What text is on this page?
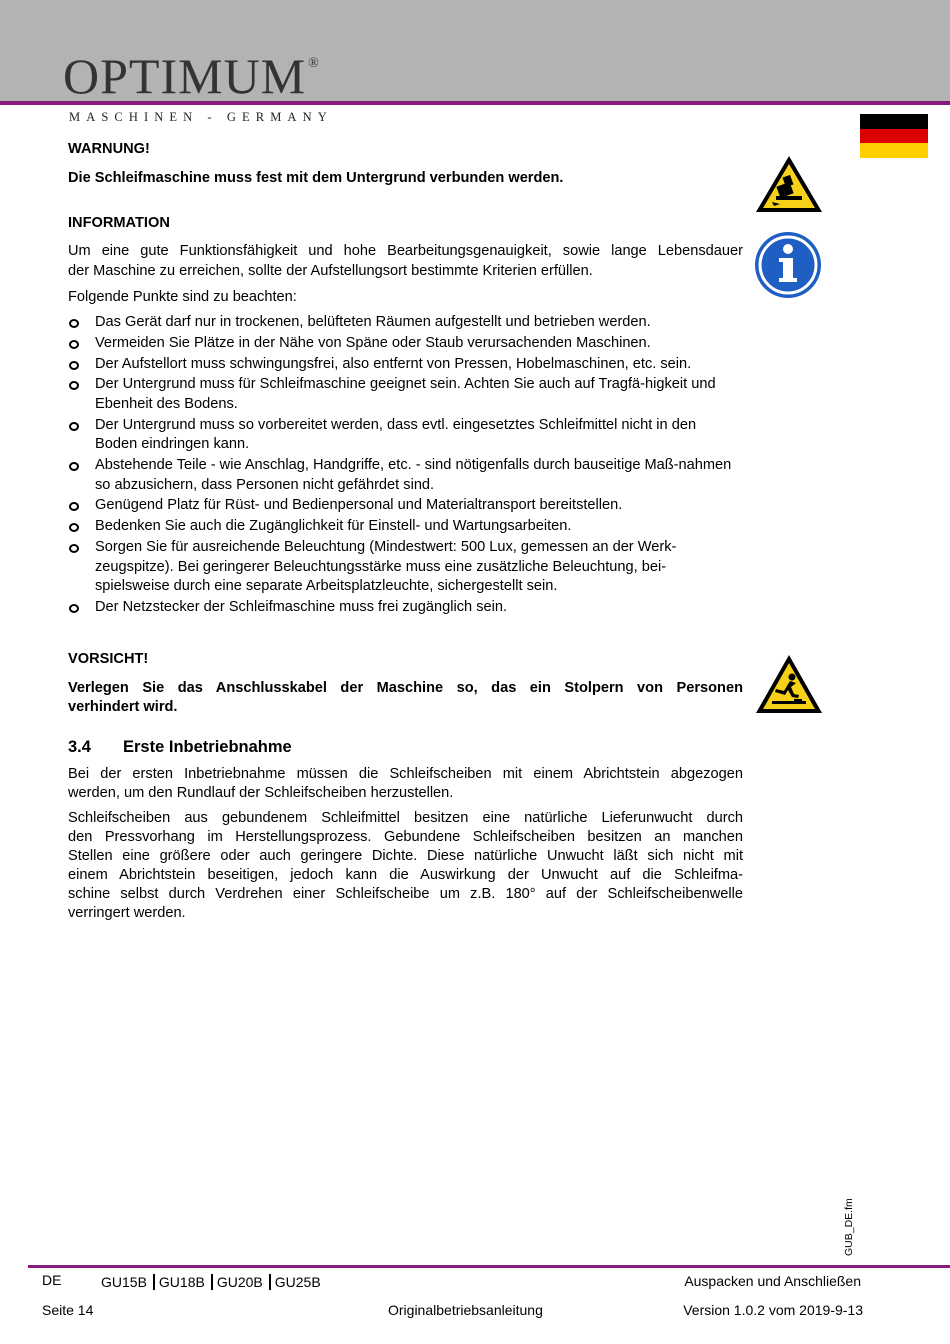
OPTIMUM ®
MASCHINEN - GERMANY
WARNUNG!
Die Schleifmaschine muss fest mit dem Untergrund verbunden werden.
INFORMATION
Um eine gute Funktionsfähigkeit und hohe Bearbeitungsgenauigkeit, sowie lange Lebensdauer
der Maschine zu erreichen, sollte der Aufstellungsort bestimmte Kriterien erfüllen.
Folgende Punkte sind zu beachten:
Das Gerät darf nur in trockenen, belüfteten Räumen aufgestellt und betrieben werden.
Vermeiden Sie Plätze in der Nähe von Späne oder Staub verursachenden Maschinen.
Der Aufstellort muss schwingungsfrei, also entfernt von Pressen, Hobelmaschinen, etc. sein.
Der Untergrund muss für Schleifmaschine geeignet sein. Achten Sie auch auf Tragfä-higkeit und Ebenheit des Bodens.
Der Untergrund muss so vorbereitet werden, dass evtl. eingesetztes Schleifmittel nicht in den Boden eindringen kann.
Abstehende Teile - wie Anschlag, Handgriffe, etc. - sind nötigenfalls durch bauseitige Maß-nahmen so abzusichern, dass Personen nicht gefährdet sind.
Genügend Platz für Rüst- und Bedienpersonal und Materialtransport bereitstellen.
Bedenken Sie auch die Zugänglichkeit für Einstell- und Wartungsarbeiten.
Sorgen Sie für ausreichende Beleuchtung (Mindestwert: 500 Lux, gemessen an der Werk-zeugspitze). Bei geringerer Beleuchtungsstärke muss eine zusätzliche Beleuchtung, bei-spielsweise durch eine separate Arbeitsplatzleuchte, sichergestellt sein.
Der Netzstecker der Schleifmaschine muss frei zugänglich sein.
VORSICHT!
Verlegen Sie das Anschlusskabel der Maschine so, das ein Stolpern von Personen
verhindert wird.
3.4 Erste Inbetriebnahme
Bei der ersten Inbetriebnahme müssen die Schleifscheiben mit einem Abrichtstein abgezogen
werden, um den Rundlauf der Schleifscheiben herzustellen.
Schleifscheiben aus gebundenem Schleifmittel besitzen eine natürliche Lieferunwucht durch
den Pressvorhang im Herstellungsprozess. Gebundene Schleifscheiben besitzen an manchen
Stellen eine größere oder auch geringere Dichte. Diese natürliche Unwucht läßt sich nicht mit
einem Abrichtstein beseitigen, jedoch kann die Auswirkung der Unwucht auf die Schleifma-
schine selbst durch Verdrehen einer Schleifscheibe um z.B. 180° auf der Schleifscheibenwelle
verringert werden.
GUB_DE.fm
DE	GU15B GU18B GU20B GU25B	Auspacken und Anschließen
Seite 14	Originalbetriebsanleitung	Version 1.0.2 vom 2019-9-13
